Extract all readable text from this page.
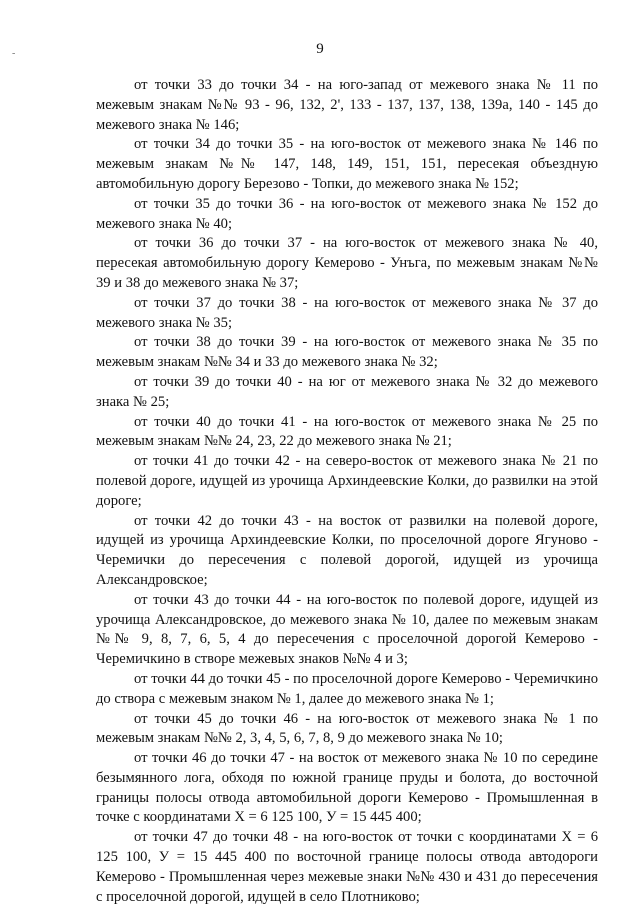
-	9

от точки 33 до точки 34 - на юго-запад от межевого знака № 11 по межевым знакам №№ 93 - 96, 132, 2', 133 - 137, 137, 138, 139а, 140 - 145 до межевого знака № 146;

от точки 34 до точки 35 - на юго-восток от межевого знака № 146 по межевым знакам №№ 147, 148, 149, 151, 151, пересекая объездную автомобильную дорогу Березово - Топки, до межевого знака № 152;

от точки 35 до точки 36 - на юго-восток от межевого знака № 152 до межевого знака № 40;

от точки 36 до точки 37 - на юго-восток от межевого знака № 40, пересекая автомобильную дорогу Кемерово - Унъга, по межевым знакам №№ 39 и 38 до межевого знака № 37;

от точки 37 до точки 38 - на юго-восток от межевого знака № 37 до межевого знака № 35;

от точки 38 до точки 39 - на юго-восток от межевого знака № 35 по межевым знакам №№ 34 и 33 до межевого знака № 32;

от точки 39 до точки 40 - на юг от межевого знака № 32 до межевого знака № 25;

от точки 40 до точки 41 - на юго-восток от межевого знака № 25 по межевым знакам №№ 24, 23, 22 до межевого знака № 21;

от точки 41 до точки 42 - на северо-восток от межевого знака № 21 по полевой дороге, идущей из урочища Архиндеевские Колки, до развилки на этой дороге;

от точки 42 до точки 43 - на восток от развилки на полевой дороге, идущей из урочища Архиндеевские Колки, по проселочной дороге Ягуново - Черемички до пересечения с полевой дорогой, идущей из урочища Александровское;

от точки 43 до точки 44 - на юго-восток по полевой дороге, идущей из урочища Александровское, до межевого знака № 10, далее по межевым знакам №№ 9, 8, 7, 6, 5, 4 до пересечения с проселочной дорогой Кемерово - Черемичкино в створе межевых знаков №№ 4 и 3;

от точки 44 до точки 45 - по проселочной дороге Кемерово - Черемичкино до створа с межевым знаком № 1, далее до межевого знака № 1;

от точки 45 до точки 46 - на юго-восток от межевого знака № 1 по межевым знакам №№ 2, 3, 4, 5, 6, 7, 8, 9 до межевого знака № 10;

от точки 46 до точки 47 - на восток от межевого знака № 10 по середине безымянного лога, обходя по южной границе пруды и болота, до восточной границы полосы отвода автомобильной дороги Кемерово - Промышленная в точке с координатами X = 6 125 100, У = 15 445 400;

от точки 47 до точки 48 - на юго-восток от точки с координатами X = 6 125 100, У = 15 445 400 по восточной границе полосы отвода автодороги Кемерово - Промышленная через межевые знаки №№ 430 и 431 до пересечения с проселочной дорогой, идущей в село Плотниково;
